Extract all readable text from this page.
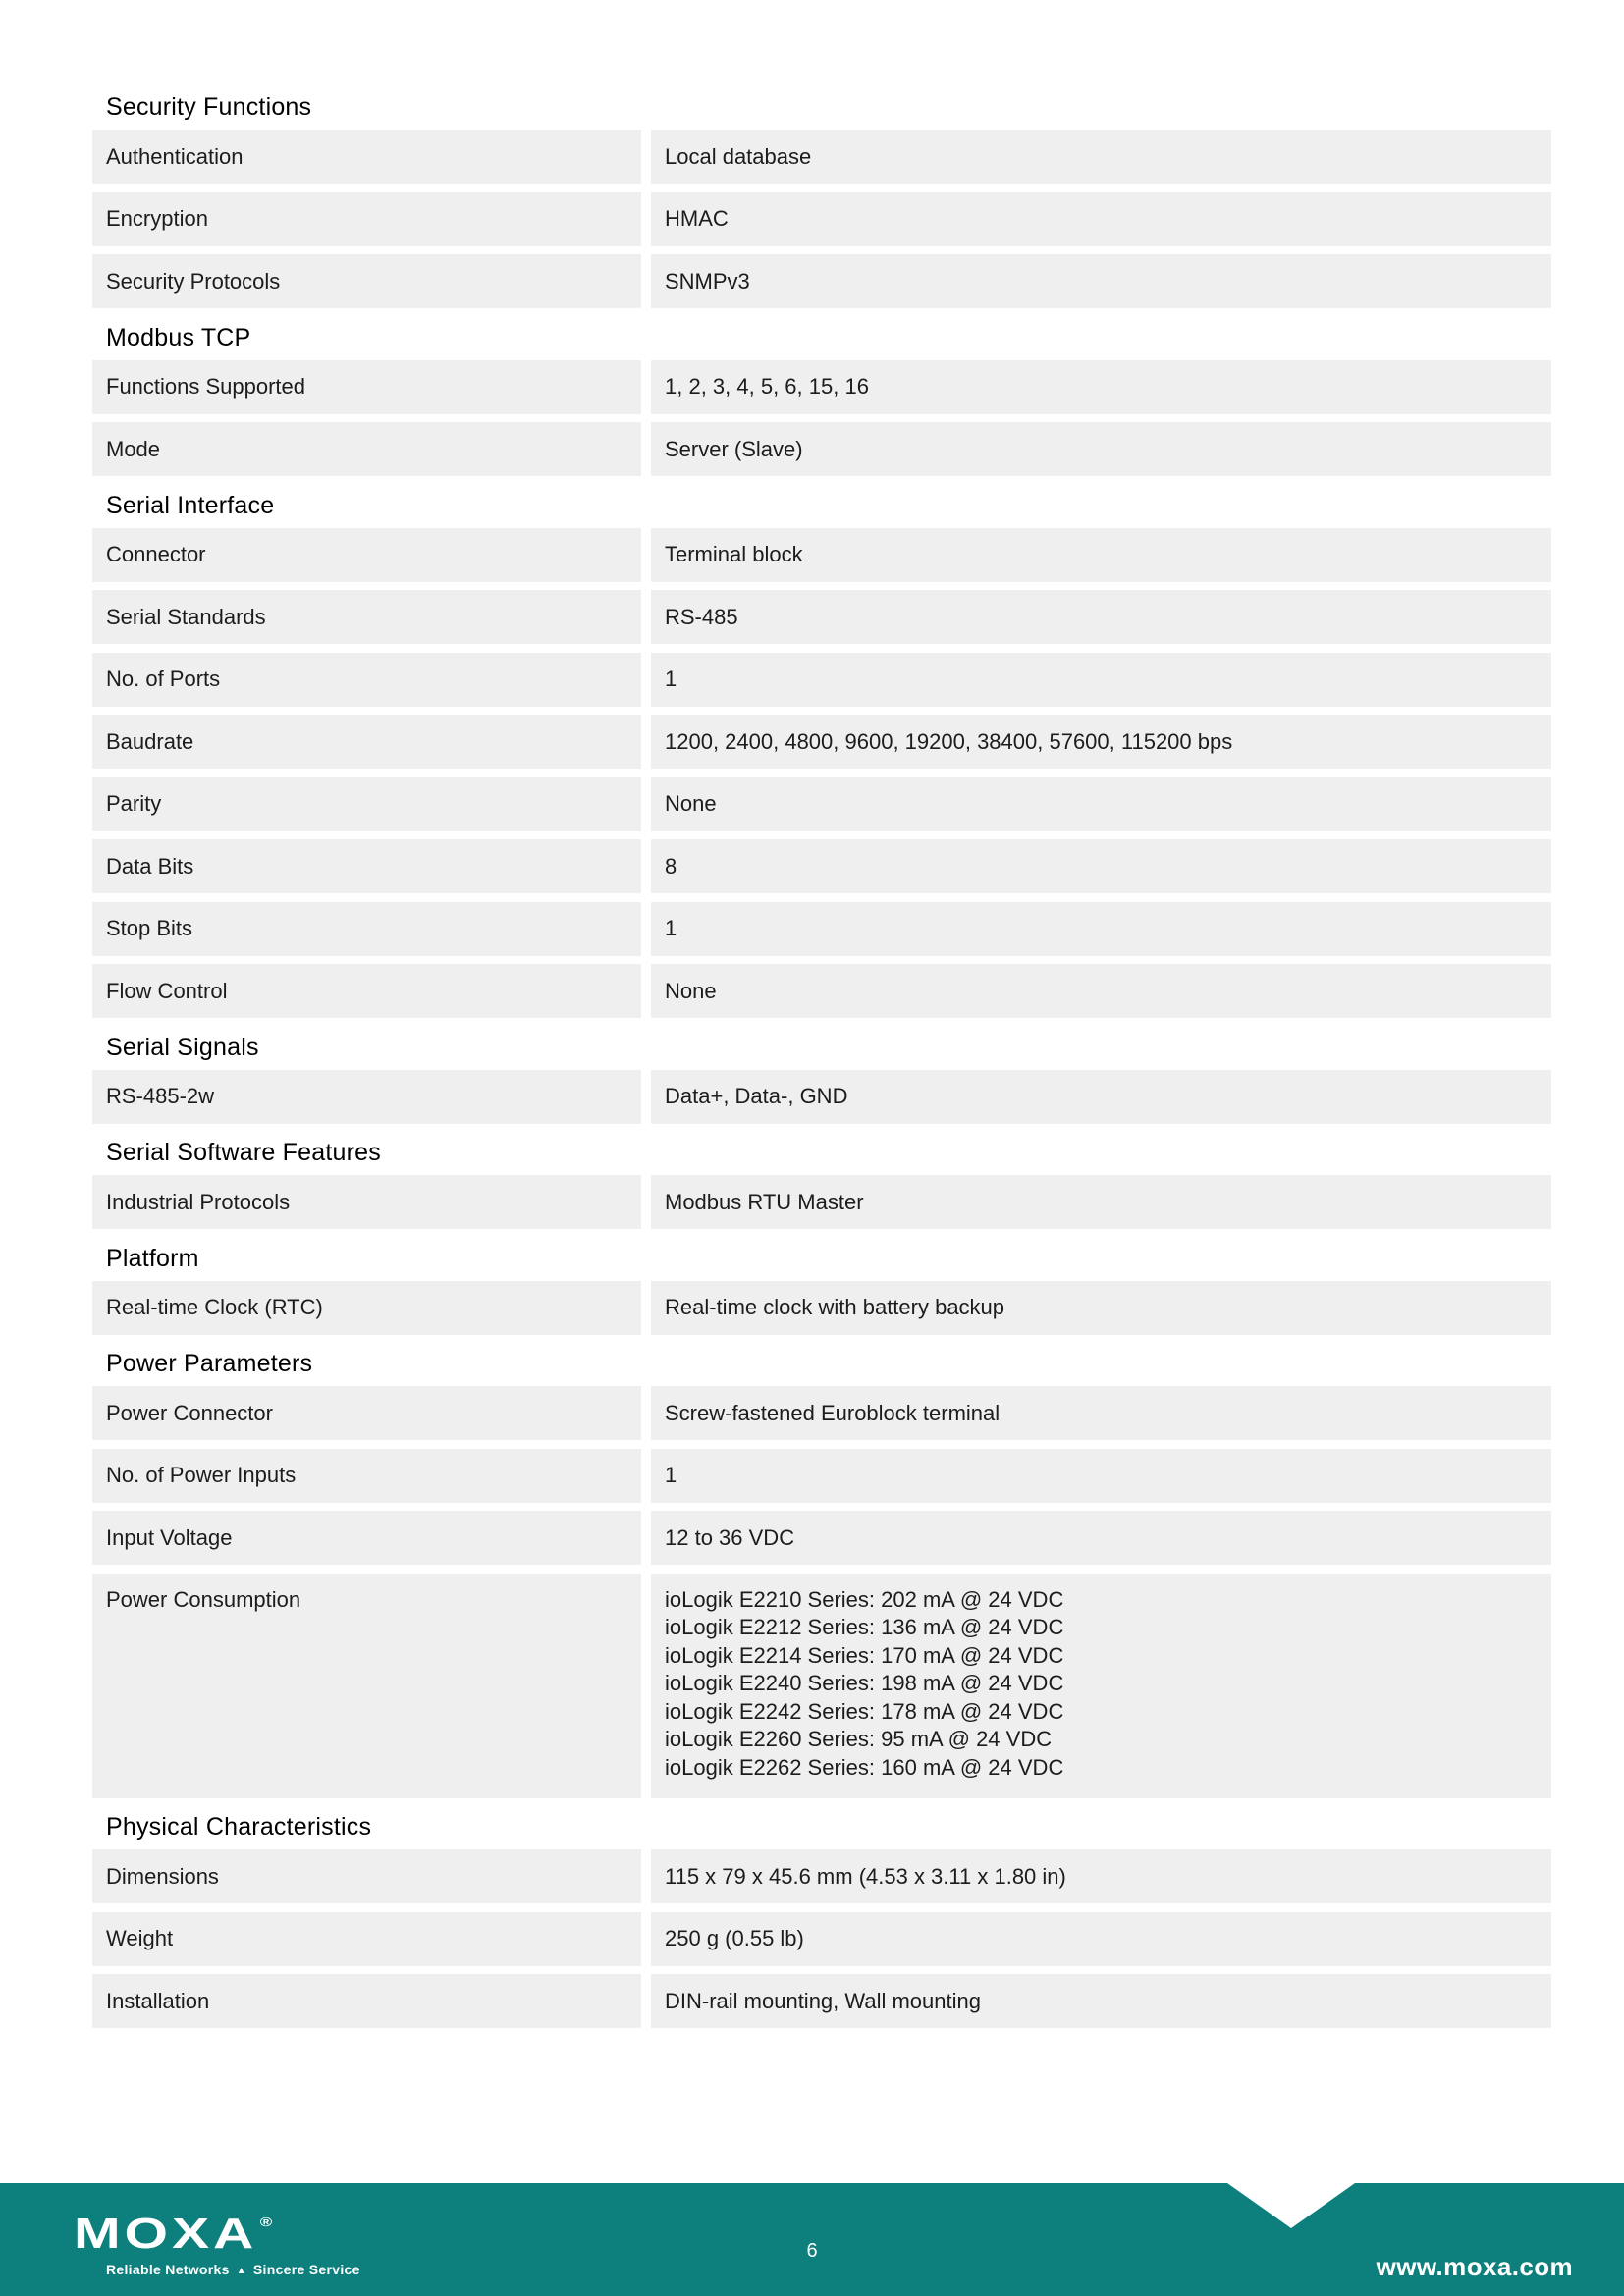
Security Functions
Authentication	Local database
Encryption	HMAC
Security Protocols	SNMPv3
Modbus TCP
Functions Supported	1, 2, 3, 4, 5, 6, 15, 16
Mode	Server (Slave)
Serial Interface
Connector	Terminal block
Serial Standards	RS-485
No. of Ports	1
Baudrate	1200, 2400, 4800, 9600, 19200, 38400, 57600, 115200 bps
Parity	None
Data Bits	8
Stop Bits	1
Flow Control	None
Serial Signals
RS-485-2w	Data+, Data-, GND
Serial Software Features
Industrial Protocols	Modbus RTU Master
Platform
Real-time Clock (RTC)	Real-time clock with battery backup
Power Parameters
Power Connector	Screw-fastened Euroblock terminal
No. of Power Inputs	1
Input Voltage	12 to 36 VDC
Power Consumption	ioLogik E2210 Series: 202 mA @ 24 VDC
ioLogik E2212 Series: 136 mA @ 24 VDC
ioLogik E2214 Series: 170 mA @ 24 VDC
ioLogik E2240 Series: 198 mA @ 24 VDC
ioLogik E2242 Series: 178 mA @ 24 VDC
ioLogik E2260 Series: 95 mA @ 24 VDC
ioLogik E2262 Series: 160 mA @ 24 VDC
Physical Characteristics
Dimensions	115 x 79 x 45.6 mm (4.53 x 3.11 x 1.80 in)
Weight	250 g (0.55 lb)
Installation	DIN-rail mounting, Wall mounting
MOXA ®
Reliable Networks ▲ Sincere Service
6
www.moxa.com
